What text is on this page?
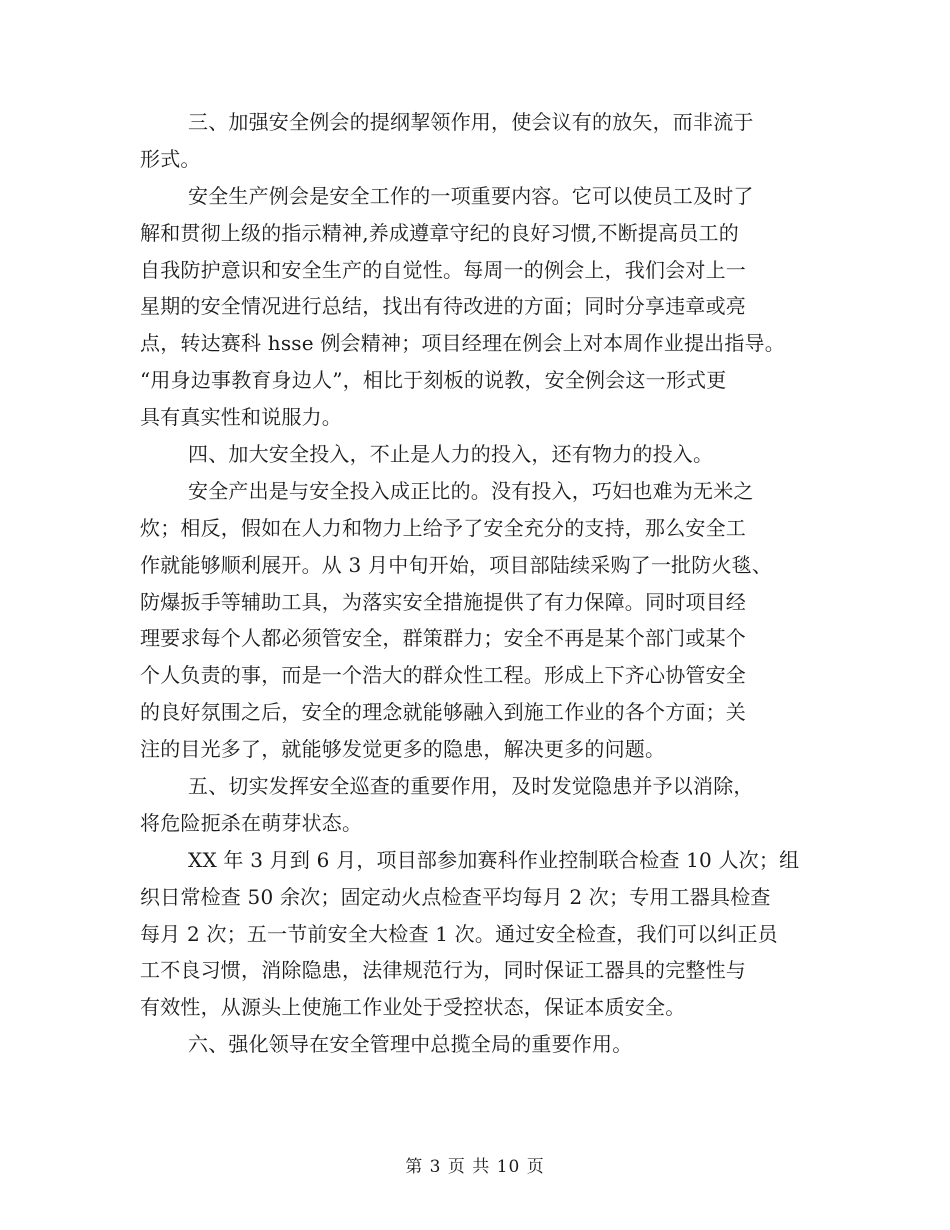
三、加强安全例会的提纲挈领作用，使会议有的放矢，而非流于
形式。
安全生产例会是安全工作的一项重要内容。它可以使员工及时了
解和贯彻上级的指示精神,养成遵章守纪的良好习惯,不断提高员工的
自我防护意识和安全生产的自觉性。每周一的例会上，我们会对上一
星期的安全情况进行总结，找出有待改进的方面；同时分享违章或亮
点，转达赛科 hsse 例会精神；项目经理在例会上对本周作业提出指导。
“用身边事教育身边人”，相比于刻板的说教，安全例会这一形式更
具有真实性和说服力。
四、加大安全投入，不止是人力的投入，还有物力的投入。
安全产出是与安全投入成正比的。没有投入，巧妇也难为无米之
炊；相反，假如在人力和物力上给予了安全充分的支持，那么安全工
作就能够顺利展开。从 3 月中旬开始，项目部陆续采购了一批防火毯、
防爆扳手等辅助工具，为落实安全措施提供了有力保障。同时项目经
理要求每个人都必须管安全，群策群力；安全不再是某个部门或某个
个人负责的事，而是一个浩大的群众性工程。形成上下齐心协管安全
的良好氛围之后，安全的理念就能够融入到施工作业的各个方面；关
注的目光多了，就能够发觉更多的隐患，解决更多的问题。
五、切实发挥安全巡查的重要作用，及时发觉隐患并予以消除，
将危险扼杀在萌芽状态。
XX 年 3 月到 6 月，项目部参加赛科作业控制联合检查 10 人次；组
织日常检查 50 余次；固定动火点检查平均每月 2 次；专用工器具检查
每月 2 次；五一节前安全大检查 1 次。通过安全检查，我们可以纠正员
工不良习惯，消除隐患，法律规范行为，同时保证工器具的完整性与
有效性，从源头上使施工作业处于受控状态，保证本质安全。
六、强化领导在安全管理中总揽全局的重要作用。
第 3 页 共 10 页
